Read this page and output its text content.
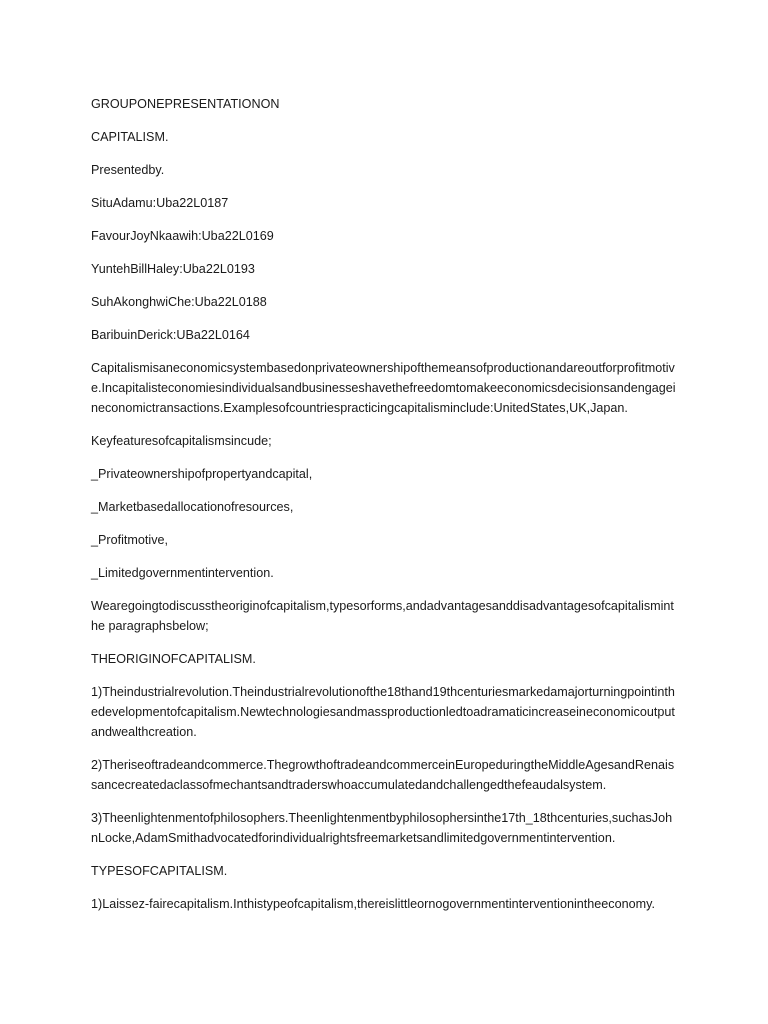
GROUPONEPRESENTATIONON

CAPITALISM.

Presentedby.

SituAdamu:Uba22L0187

FavourJoyNkaawih:Uba22L0169

YuntehBillHaley:Uba22L0193

SuhAkonghwiChe:Uba22L0188

BaribuinDerick:UBa22L0164

Capitalismisaneconomicsystembasedonprivateownershipofthemeansofproductionandareoutforprofitmotive.Incapitalisteconomiesindividualsandbusinesseshavethefreedomtomakeeconomicsdecisionsandengageineconomictransactions.Examplesofcountriespracticingcapitalisminclude:UnitedStates,UK,Japan.

Keyfeaturesofcapitalismsincude;

_Privateownershipofpropertyandcapital,

_Marketbasedallocationofresources,

_Profitmotive,

_Limitedgovernmentintervention.

Wearegoingtodiscusstheoriginofcapitalism,typesorforms,andadvantagesanddisadvantagesofcapitalisminthe paragraphsbelow;

THEORIGINOFCAPITALISM.

1)Theindustrialrevolution.Theindustrialrevolutionofthe18thand19thcenturiesmarkedamajorturningpointinthedevelopmentofcapitalism.Newtechnologiesandmassproductionledtoadramaticincreaseineconomicoutputandwealthcreation.

2)Theriseoftradeandcommerce.ThegrowthoftradeandcommerceinEuropeduringtheMiddleAgesandRenaissancecreatedaclassofmechantsandtraderswhoaccumulatedandchallengedthefeaudalsystem.

3)Theenlightenmentofphilosophers.Theenlightenmentbyphilosophersinthe17th_18thcenturies,suchasJohnLocke,AdamSmithadvocatedforindividualrightsfreemarketsandlimitedgovernmentintervention.

TYPESOFCAPITALISM.

1)Laissez-fairecapitalism.Inthistypeofcapitalism,thereislittleornogovernmentinterventionintheeconomy.
